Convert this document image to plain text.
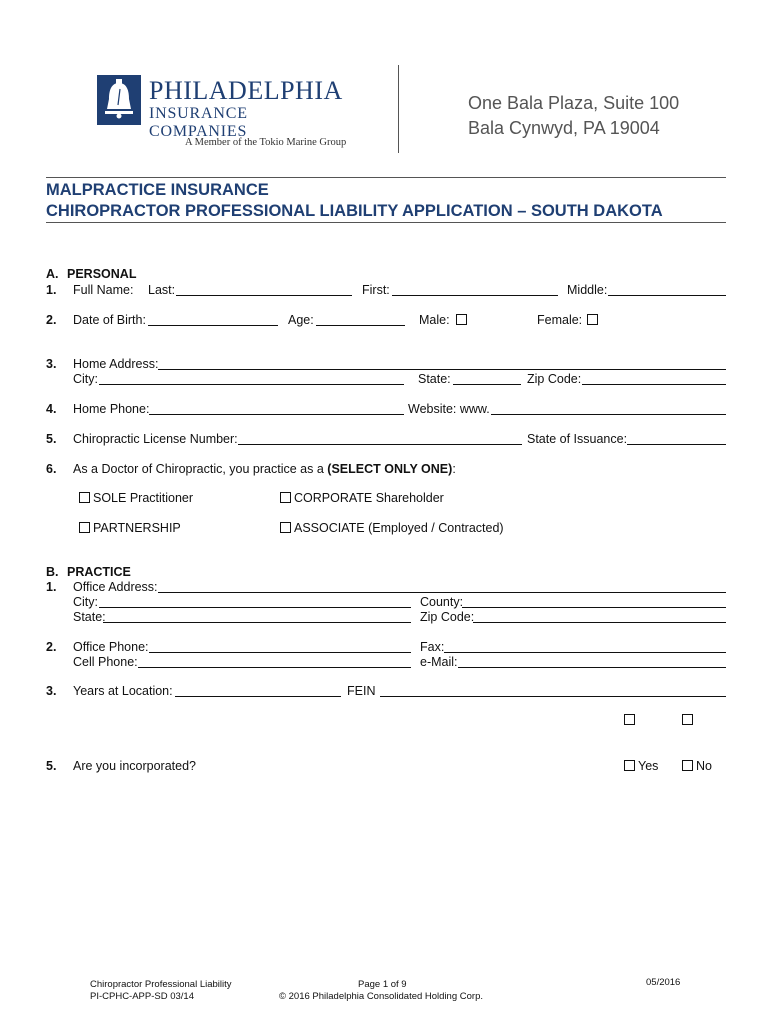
PHILADELPHIA
INSURANCE COMPANIES
A Member of the Tokio Marine Group
One Bala Plaza, Suite 100
Bala Cynwyd, PA 19004
MALPRACTICE INSURANCE
CHIROPRACTOR PROFESSIONAL LIABILITY APPLICATION – SOUTH DAKOTA
A. PERSONAL
1. Full Name: Last:	First:	Middle:
2. Date of Birth:	Age:	Male:	Female:
3. Home Address:
City:	State:	Zip Code:
4. Home Phone:	Website: www.
5. Chiropractic License Number:	State of Issuance:
6. As a Doctor of Chiropractic, you practice as a (SELECT ONLY ONE):
SOLE Practitioner	CORPORATE Shareholder
PARTNERSHIP	ASSOCIATE (Employed / Contracted)
B. PRACTICE
1. Office Address:
City:	County:
State:	Zip Code:
2. Office Phone:	Fax:
Cell Phone:	e-Mail:
3. Years at Location:	FEIN
5. Are you incorporated?	Yes	No
Chiropractor Professional Liability
PI-CPHC-APP-SD 03/14
Page 1 of 9
© 2016 Philadelphia Consolidated Holding Corp.
05/2016
